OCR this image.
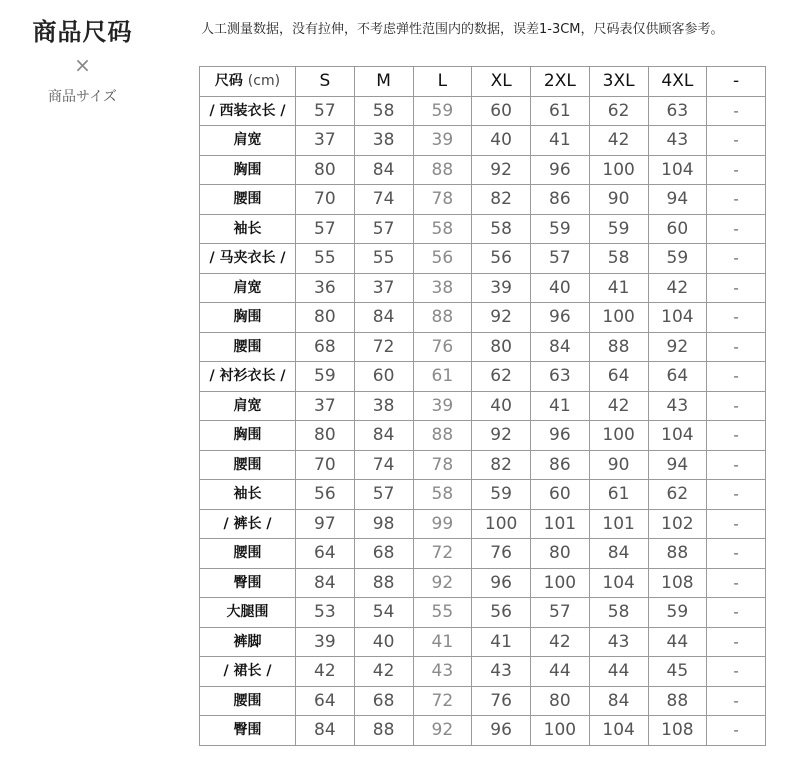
商品尺码
×
商品サイズ
人工测量数据，没有拉伸，不考虑弹性范围内的数据，误差1-3CM，尺码表仅供顾客参考。
尺码 (cm)	S	M	L	XL	2XL	3XL	4XL	-
/ 西装衣长 /	57	58	59	60	61	62	63	-
肩宽	37	38	39	40	41	42	43	-
胸围	80	84	88	92	96	100	104	-
腰围	70	74	78	82	86	90	94	-
袖长	57	57	58	58	59	59	60	-
/ 马夹衣长 /	55	55	56	56	57	58	59	-
肩宽	36	37	38	39	40	41	42	-
胸围	80	84	88	92	96	100	104	-
腰围	68	72	76	80	84	88	92	-
/ 衬衫衣长 /	59	60	61	62	63	64	64	-
肩宽	37	38	39	40	41	42	43	-
胸围	80	84	88	92	96	100	104	-
腰围	70	74	78	82	86	90	94	-
袖长	56	57	58	59	60	61	62	-
/ 裤长 /	97	98	99	100	101	101	102	-
腰围	64	68	72	76	80	84	88	-
臀围	84	88	92	96	100	104	108	-
大腿围	53	54	55	56	57	58	59	-
裤脚	39	40	41	41	42	43	44	-
/ 裙长 /	42	42	43	43	44	44	45	-
腰围	64	68	72	76	80	84	88	-
臀围	84	88	92	96	100	104	108	-
